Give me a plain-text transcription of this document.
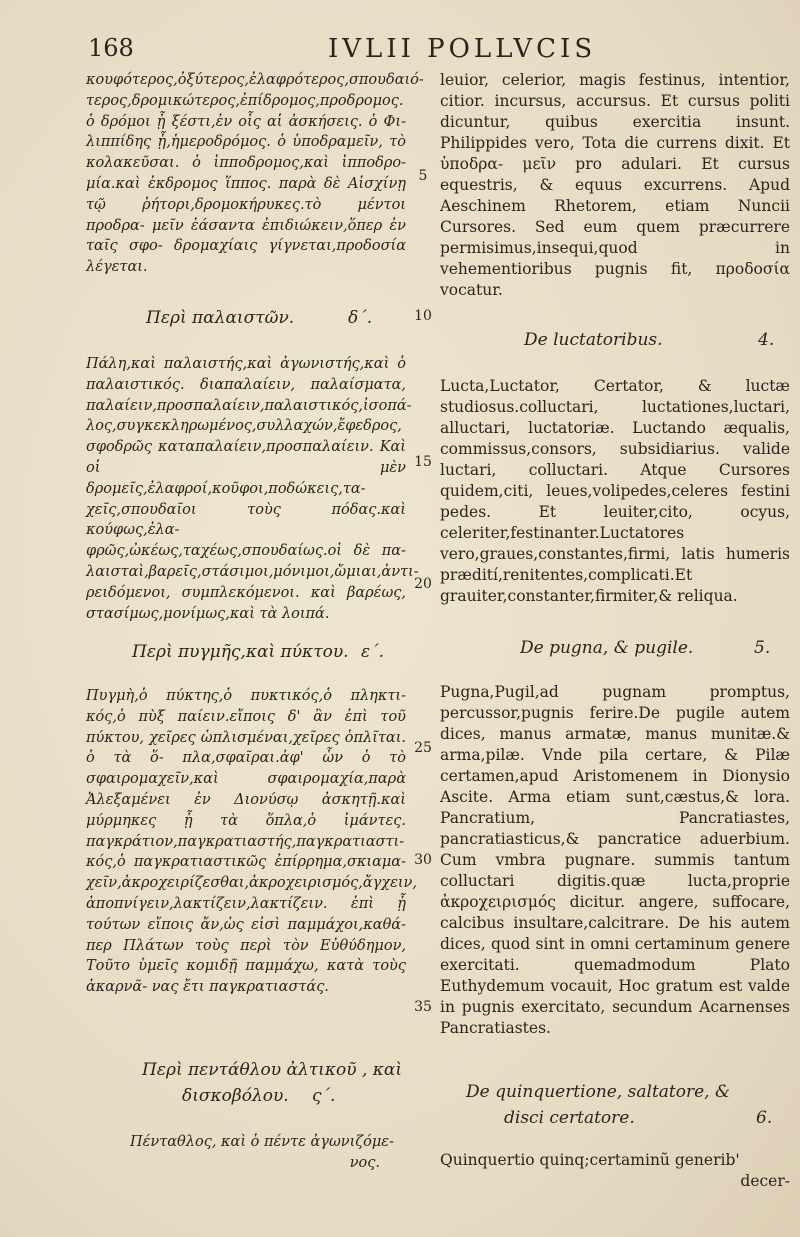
168	IVLII POLLVCIS

κουφότερος,ὀξύτερος,ἐλαφρότερος,σπουδαιό- τερος,δρομικώτερος,ἐπίδρομος,προδρομος. ὁ δρόμοι ᾗ ξέστι,ἐν οἷς αἱ ἀσκήσεις. ὁ Φι- λιππίδης ᾗ,ἡμεροδρόμος. ὁ ὑποδραμεῖν, τὸ κολακεῦσαι. ὁ ἱπποδρομος,καὶ ἱπποδρο- μία.καὶ ἐκδρομος ἵππος. παρὰ δὲ Αἰσχίνῃ τῷ ῥήτορι,δρομοκήρυκες.τὸ μέντοι προδρα- μεῖν ἐάσαντα ἐπιδιώκειν,ὅπερ ἐν ταῖς σφο- δρομαχίαις γίγνεται,προδοσία λέγεται.

Περὶ παλαιστῶν.	δ΄.

Πάλη,καὶ παλαιστής,καὶ ἀγωνιστής,καὶ ὁ παλαιστικός. διαπαλαίειν, παλαίσματα, παλαίειν,προσπαλαίειν,παλαιστικός,ἰσοπά- λος,συγκεκληρωμένος,συλλαχών,ἔφεδρος, σφοδρῶς καταπαλαίειν,προσπαλαίειν. Καὶ οἱ μὲν δρομεῖς,ἐλαφροί,κοῦφοι,ποδώκεις,τα- χεῖς,σπουδαῖοι τοὺς πόδας.καὶ κούφως,ἐλα- φρῶς,ὠκέως,ταχέως,σπουδαίως.οἱ δὲ πα- λαισταὶ,βαρεῖς,στάσιμοι,μόνιμοι,ὤμιαι,ἀντι- ρειδόμενοι, συμπλεκόμενοι. καὶ βαρέως, στασίμως,μονίμως,καὶ τὰ λοιπά.

Περὶ πυγμῆς,καὶ πύκτου. ε΄.

Πυγμὴ,ὁ πύκτης,ὁ πυκτικός,ὁ πληκτι- κός,ὁ πὺξ παίειν.εἴποις δ' ἂν ἐπὶ τοῦ πύκτου, χεῖρες ὡπλισμέναι,χεῖρες ὁπλῖται. ὁ τὰ ὅ- πλα,σφαῖραι.ἀφ' ὧν ὁ τὸ σφαιρομαχεῖν,καὶ σφαιρομαχία,παρὰ Ἀλεξαμένει ἐν Διονύσῳ ἀσκητῇ.καὶ μύρμηκες ᾗ τὰ ὅπλα,ὁ ἱμάντες. παγκράτιον,παγκρατιαστής,παγκρατιαστι- κός,ὁ παγκρατιαστικῶς ἐπίρρημα,σκιαμα- χεῖν,ἀκροχειρίζεσθαι,ἀκροχειρισμός,ἄγχειν, ἀποπνίγειν,λακτίζειν,λακτίζειν. ἐπὶ ᾗ τούτων εἴποις ἄν,ὡς εἰσὶ παμμάχοι,καθά- περ Πλάτων τοὺς περὶ τὸν Εὐθύδημον, Τοῦτο ὑμεῖς κομιδῇ παμμάχω, κατὰ τοὺς ἀκαρνᾶ- νας ἔτι παγκρατιαστάς.

Περὶ πεντάθλου ἀλτικοῦ , καὶ
δισκοβόλου. ς΄.

Πένταθλος, καὶ ὁ πέντε ἀγωνιζόμε-

νος.

5
10
15
20
25
30
35

leuior, celerior, magis festinus, intentior, citior. incursus, accursus. Et cursus politi dicuntur, quibus exercitia insunt. Philippides vero, Tota die currens dixit. Et ὑποδρα- μεῖν pro adulari. Et cursus equestris, & equus excurrens. Apud Aeschinem Rhetorem, etiam Nuncii Cursores. Sed eum quem præcurrere permisimus,insequi,quod in vehementioribus pugnis fit, προδοσία vocatur.

De luctatoribus.	4.

Lucta,Luctator, Certator, & luctæ studiosus.colluctari, luctationes,luctari, alluctari, luctatoriæ. Luctando æqualis, commissus,consors, subsidiarius. valide luctari, colluctari. Atque Cursores quidem,citi, leues,volipedes,celeres festini pedes. Et leuiter,cito, ocyus, celeriter,festinanter.Luctatores vero,graues,constantes,firmi, latis humeris prædití,renitentes,complicati.Et grauiter,constanter,firmiter,& reliqua.

De pugna, & pugile.	5.

Pugna,Pugil,ad pugnam promptus, percussor,pugnis ferire.De pugile autem dices, manus armatæ, manus munitæ.& arma,pilæ. Vnde pila certare, & Pilæ certamen,apud Aristomenem in Dionysio Ascite. Arma etiam sunt,cæstus,& lora. Pancratium, Pancratiastes, pancratiasticus,& pancratice aduerbium. Cum vmbra pugnare. summis tantum colluctari digitis.quæ lucta,proprie ἀκροχειρισμός dicitur. angere, suffocare, calcibus insultare,calcitrare. De his autem dices, quod sint in omni certaminum genere exercitati. quemadmodum Plato Euthydemum vocauit, Hoc gratum est valde in pugnis exercitato, secundum Acarnenses Pancratiastes.

De quinquertione, saltatore, &
disci certatore.	6.

Quinquertio quinq;certaminũ generib'

decer-
